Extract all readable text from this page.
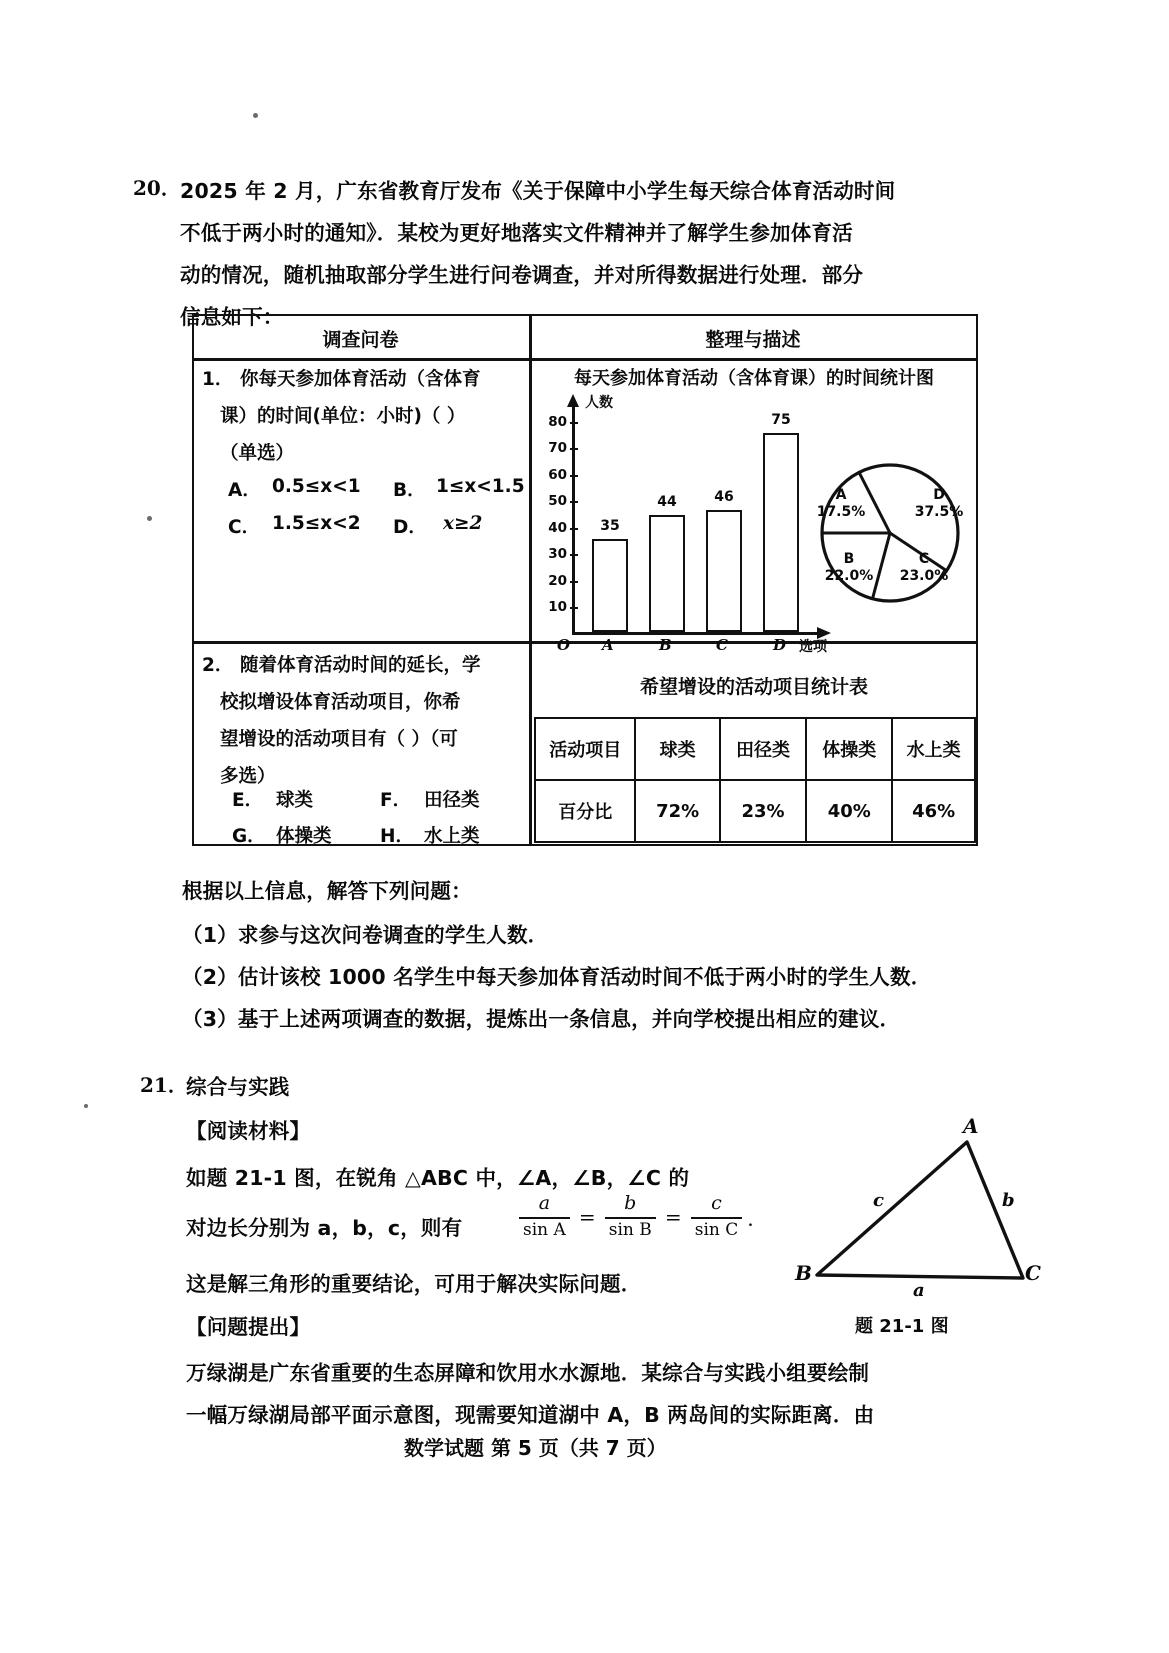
20． 2025 年 2 月，广东省教育厅发布《关于保障中小学生每天综合体育活动时间
不低于两小时的通知》．某校为更好地落实文件精神并了解学生参加体育活
动的情况，随机抽取部分学生进行问卷调查，并对所得数据进行处理．部分
信息如下：
调查问卷	整理与描述
1． 你每天参加体育活动（含体育
课）的时间(单位：小时)（ ）
（单选）
A． 0.5≤x<1 B． 1≤x<1.5
C． 1.5≤x<2 D． x≥2
2． 随着体育活动时间的延长，学
校拟增设体育活动项目，你希
望增设的活动项目有（ ）（可
多选）
E． 球类	F． 田径类
G． 体操类	H． 水上类
每天参加体育活动（含体育课）的时间统计图
人数
10
20
30
40
50
60
70
80
35
44	46
75
O A	B	C	D 选项
A
17.5%
D
37.5%
B
22.0%
C
23.0%
希望增设的活动项目统计表
活动项目	球类	田径类	体操类	水上类
百分比	72%	23%	40%	46%
根据以上信息，解答下列问题：
（1）求参与这次问卷调查的学生人数．
（2）估计该校 1000 名学生中每天参加体育活动时间不低于两小时的学生人数．
（3）基于上述两项调查的数据，提炼出一条信息，并向学校提出相应的建议．
21．
综合与实践
【阅读材料】
如题 21-1 图，在锐角 △ABC 中，∠A，∠B，∠C 的
对边长分别为 a，b，c，则有	$\frac{a}{\text{sin A}} = \frac{b}{\text{sin B}} = \frac{c}{\text{sin C}}$ ．
这是解三角形的重要结论，可用于解决实际问题．
【问题提出】
万绿湖是广东省重要的生态屏障和饮用水水源地．某综合与实践小组要绘制
一幅万绿湖局部平面示意图，现需要知道湖中 A，B 两岛间的实际距离．由
A
B	C
c	b
a
题 21-1 图
数学试题 第 5 页（共 7 页）
